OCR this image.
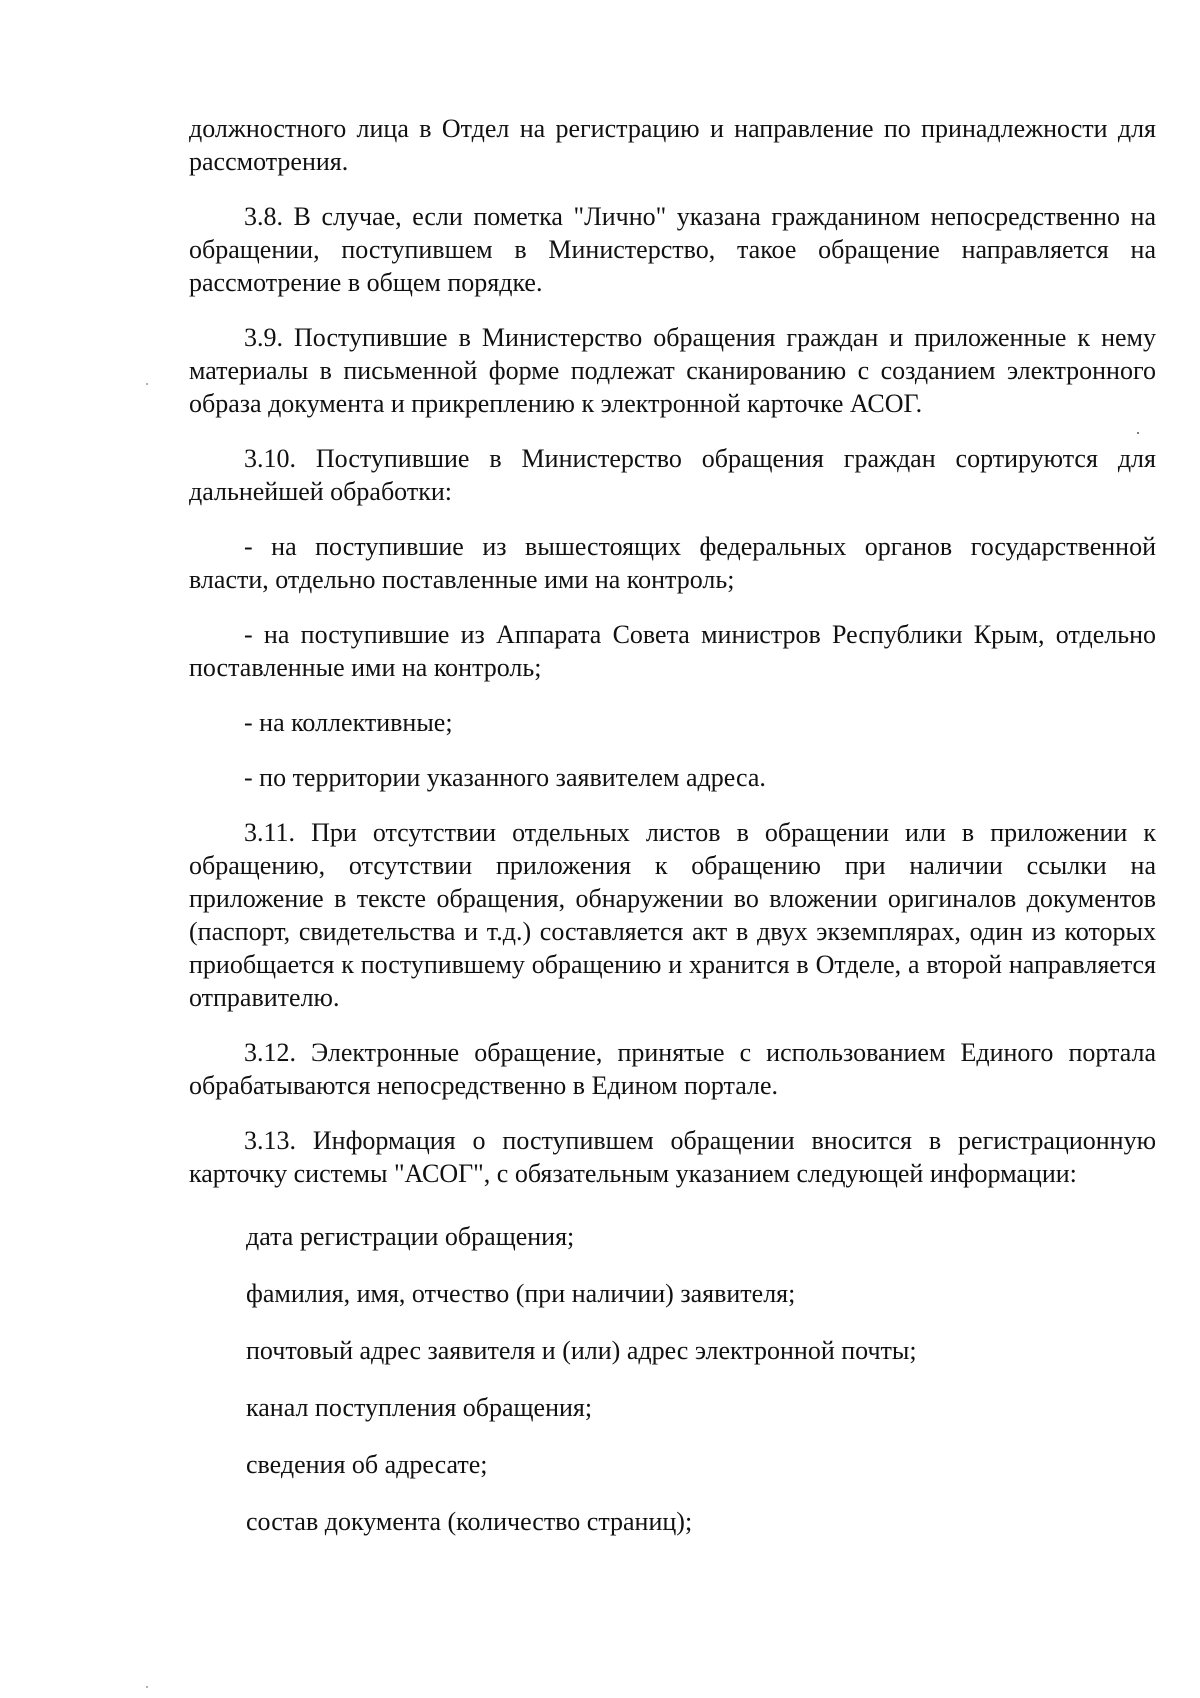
должностного лица в Отдел на регистрацию и направление по принадлежности для рассмотрения.

3.8. В случае, если пометка "Лично" указана гражданином непосредственно на обращении, поступившем в Министерство, такое обращение направляется на рассмотрение в общем порядке.

3.9. Поступившие в Министерство обращения граждан и приложенные к нему материалы в письменной форме подлежат сканированию с созданием электронного образа документа и прикреплению к электронной карточке АСОГ.

3.10. Поступившие в Министерство обращения граждан сортируются для дальнейшей обработки:

- на поступившие из вышестоящих федеральных органов государственной власти, отдельно поставленные ими на контроль;

- на поступившие из Аппарата Совета министров Республики Крым, отдельно поставленные ими на контроль;

- на коллективные;

- по территории указанного заявителем адреса.

3.11. При отсутствии отдельных листов в обращении или в приложении к обращению, отсутствии приложения к обращению при наличии ссылки на приложение в тексте обращения, обнаружении во вложении оригиналов документов (паспорт, свидетельства и т.д.) составляется акт в двух экземплярах, один из которых приобщается к поступившему обращению и хранится в Отделе, а второй направляется отправителю.

3.12. Электронные обращение, принятые с использованием Единого портала обрабатываются непосредственно в Едином портале.

3.13. Информация о поступившем обращении вносится в регистрационную карточку системы "АСОГ", с обязательным указанием следующей информации:

дата регистрации обращения;

фамилия, имя, отчество (при наличии) заявителя;

почтовый адрес заявителя и (или) адрес электронной почты;

канал поступления обращения;

сведения об адресате;

состав документа (количество страниц);
